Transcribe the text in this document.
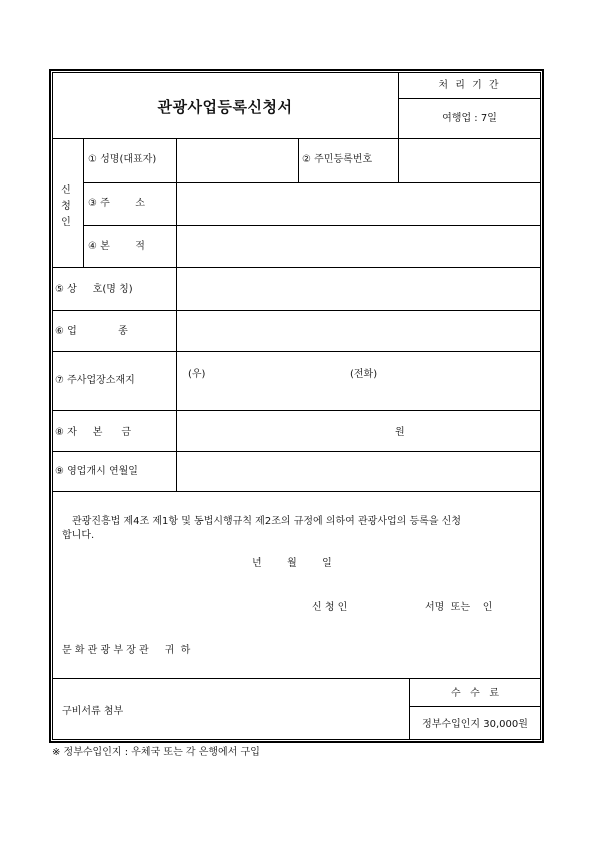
관광사업등록신청서
처 리 기 간
여행업 : 7일
신청인
① 성명(대표자)	② 주민등록번호
③ 주        소
④ 본        적
⑤ 상     호(명 칭)
⑥ 업             종
⑦ 주사업장소재지
(우)	(전화)
⑧ 자     본      금	원
⑨ 영업개시 연월일
관광진흥법 제4조 제1항 및 동법시행규칙 제2조의 규정에 의하여 관광사업의 등록을 신청
합니다.
년        월        일
신 청 인	서명  또는    인
문 화 관 광 부 장 관     귀  하
구비서류 첨부
수   수   료
정부수입인지 30,000원
※ 정부수입인지 : 우체국 또는 각 은행에서 구입
